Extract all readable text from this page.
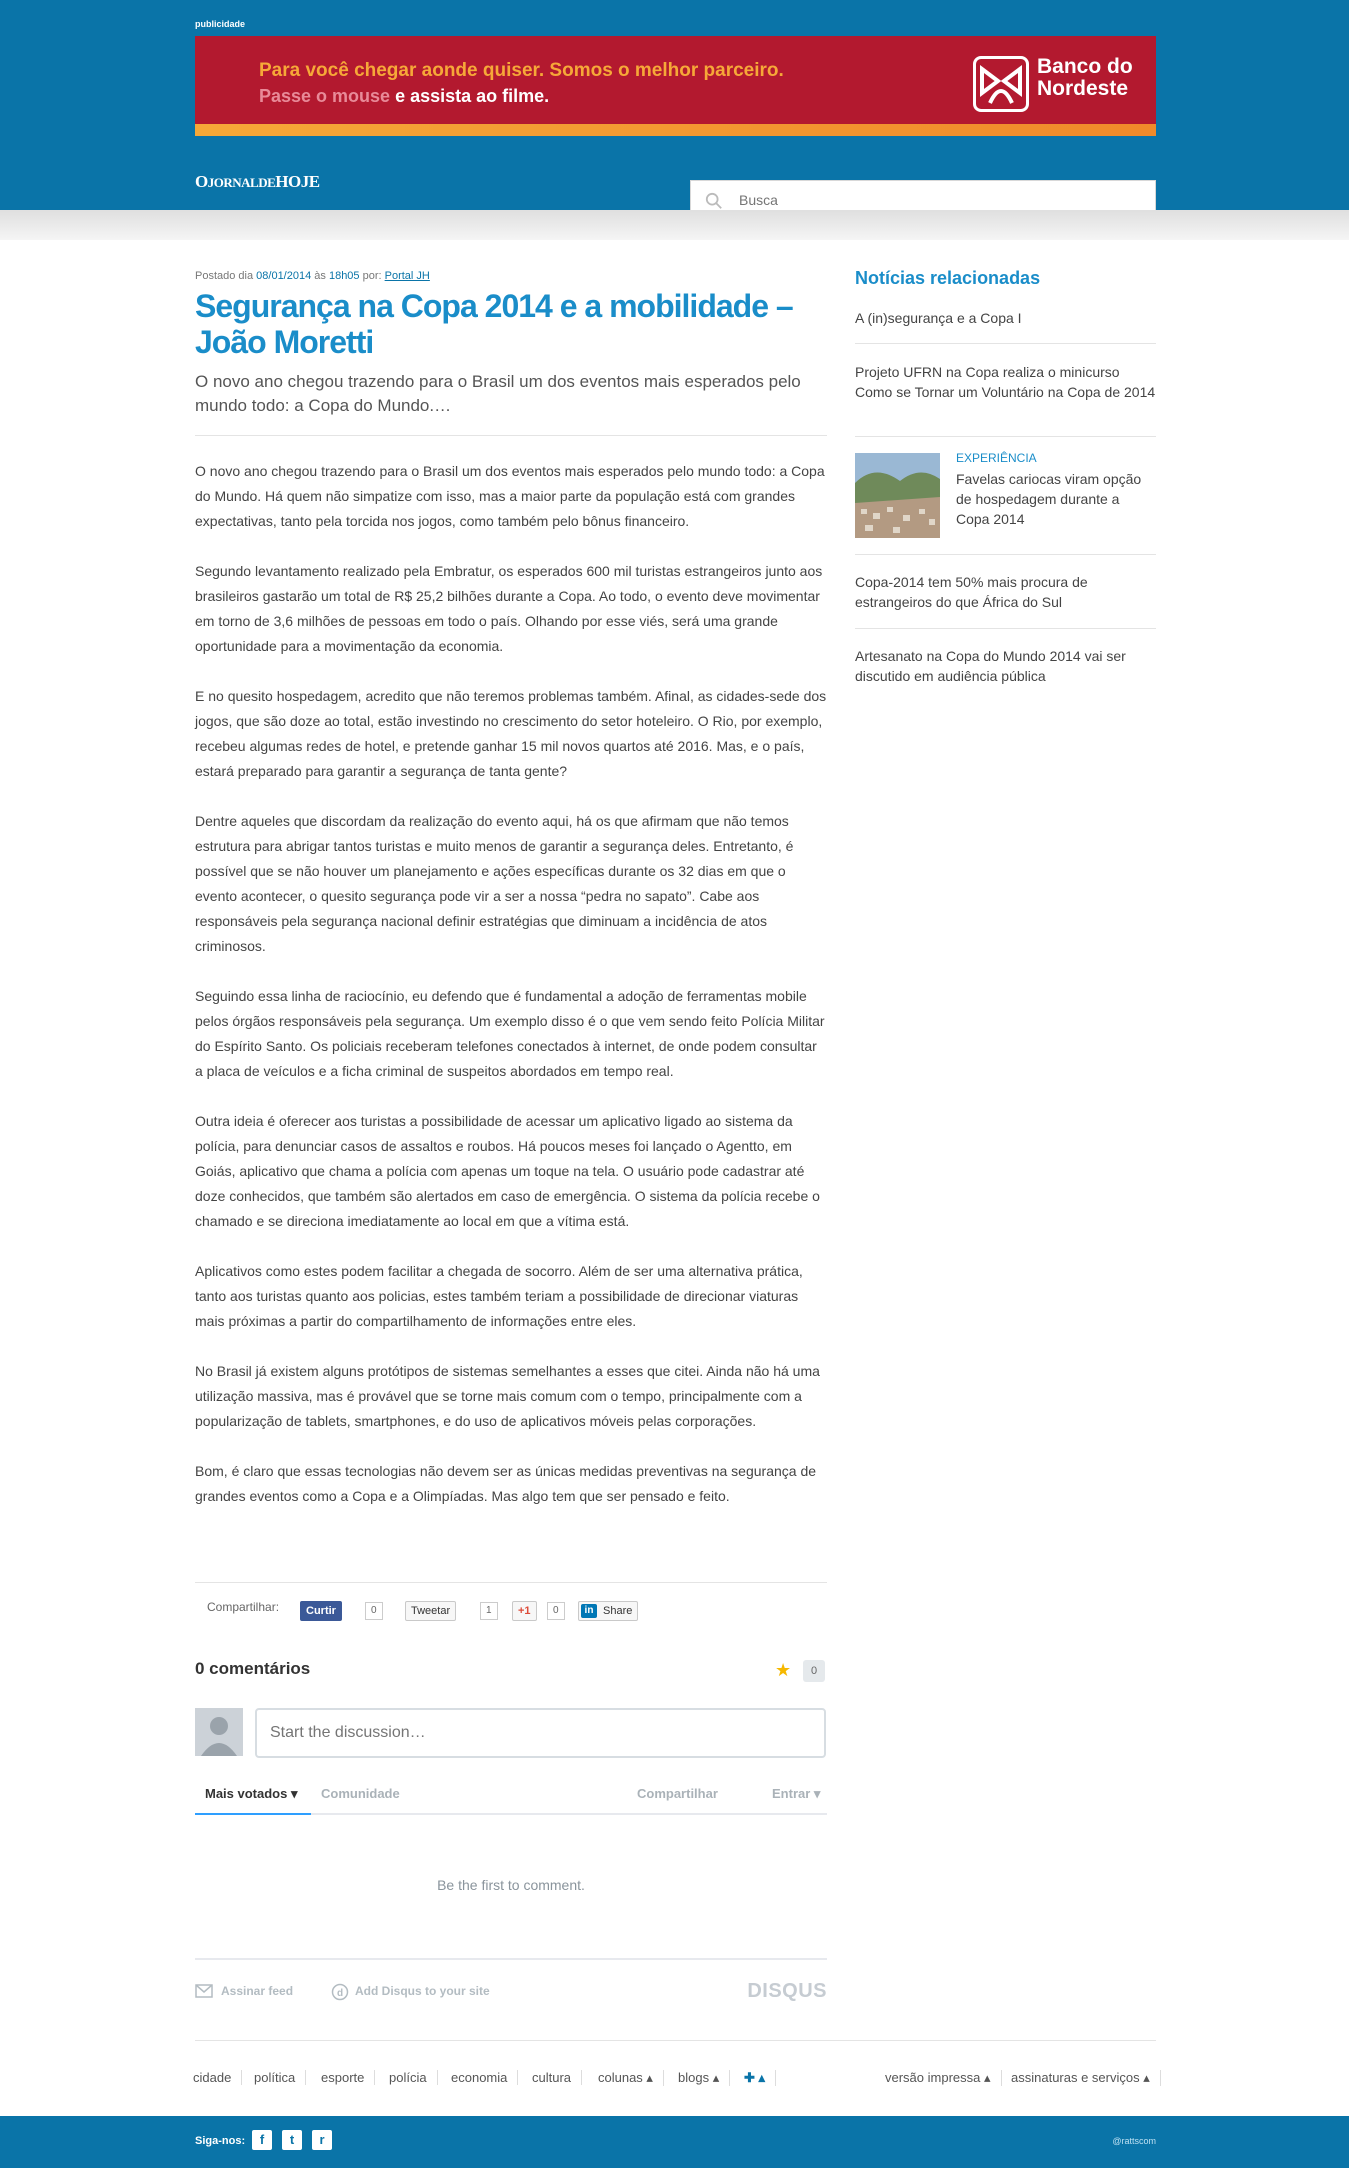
publicidade
Para você chegar aonde quiser. Somos o melhor parceiro.
Passe o mouse e assista ao filme.
Banco do Nordeste
OJORNALDEHOJE
Busca
Postado dia 08/01/2014 às 18h05 por: Portal JH
Segurança na Copa 2014 e a mobilidade – João Moretti
O novo ano chegou trazendo para o Brasil um dos eventos mais esperados pelo mundo todo: a Copa do Mundo.…

O novo ano chegou trazendo para o Brasil um dos eventos mais esperados pelo mundo todo: a Copa do Mundo. Há quem não simpatize com isso, mas a maior parte da população está com grandes expectativas, tanto pela torcida nos jogos, como também pelo bônus financeiro.

Segundo levantamento realizado pela Embratur, os esperados 600 mil turistas estrangeiros junto aos brasileiros gastarão um total de R$ 25,2 bilhões durante a Copa. Ao todo, o evento deve movimentar em torno de 3,6 milhões de pessoas em todo o país. Olhando por esse viés, será uma grande oportunidade para a movimentação da economia.

E no quesito hospedagem, acredito que não teremos problemas também. Afinal, as cidades-sede dos jogos, que são doze ao total, estão investindo no crescimento do setor hoteleiro. O Rio, por exemplo, recebeu algumas redes de hotel, e pretende ganhar 15 mil novos quartos até 2016. Mas, e o país, estará preparado para garantir a segurança de tanta gente?

Dentre aqueles que discordam da realização do evento aqui, há os que afirmam que não temos estrutura para abrigar tantos turistas e muito menos de garantir a segurança deles. Entretanto, é possível que se não houver um planejamento e ações específicas durante os 32 dias em que o evento acontecer, o quesito segurança pode vir a ser a nossa “pedra no sapato”. Cabe aos responsáveis pela segurança nacional definir estratégias que diminuam a incidência de atos criminosos.

Seguindo essa linha de raciocínio, eu defendo que é fundamental a adoção de ferramentas mobile pelos órgãos responsáveis pela segurança. Um exemplo disso é o que vem sendo feito Polícia Militar do Espírito Santo. Os policiais receberam telefones conectados à internet, de onde podem consultar a placa de veículos e a ficha criminal de suspeitos abordados em tempo real.

Outra ideia é oferecer aos turistas a possibilidade de acessar um aplicativo ligado ao sistema da polícia, para denunciar casos de assaltos e roubos. Há poucos meses foi lançado o Agentto, em Goiás, aplicativo que chama a polícia com apenas um toque na tela. O usuário pode cadastrar até doze conhecidos, que também são alertados em caso de emergência. O sistema da polícia recebe o chamado e se direciona imediatamente ao local em que a vítima está.

Aplicativos como estes podem facilitar a chegada de socorro. Além de ser uma alternativa prática, tanto aos turistas quanto aos policias, estes também teriam a possibilidade de direcionar viaturas mais próximas a partir do compartilhamento de informações entre eles.

No Brasil já existem alguns protótipos de sistemas semelhantes a esses que citei. Ainda não há uma utilização massiva, mas é provável que se torne mais comum com o tempo, principalmente com a popularização de tablets, smartphones, e do uso de aplicativos móveis pelas corporações.

Bom, é claro que essas tecnologias não devem ser as únicas medidas preventivas na segurança de grandes eventos como a Copa e a Olimpíadas. Mas algo tem que ser pensado e feito.

Compartilhar:	Curtir	0	Tweetar	1	+1	0	in Share
0 comentários	★	0
Start the discussion…
Mais votados ▾ Comunidade	Compartilhar	Entrar ▾
Be the first to comment.
Assinar feed	d Add Disqus to your site	DISQUS
Notícias relacionadas
A (in)segurança e a Copa I
Projeto UFRN na Copa realiza o minicurso Como se Tornar um Voluntário na Copa de 2014
EXPERIÊNCIA
Favelas cariocas viram opção de hospedagem durante a Copa 2014
Copa-2014 tem 50% mais procura de estrangeiros do que África do Sul
Artesanato na Copa do Mundo 2014 vai ser discutido em audiência pública
cidade	política	esporte	polícia	economia	cultura	colunas ▴	blogs ▴	✚ ▴	versão impressa ▴	assinaturas e serviços ▴
Siga-nos:	f	t	r	@rattscom
